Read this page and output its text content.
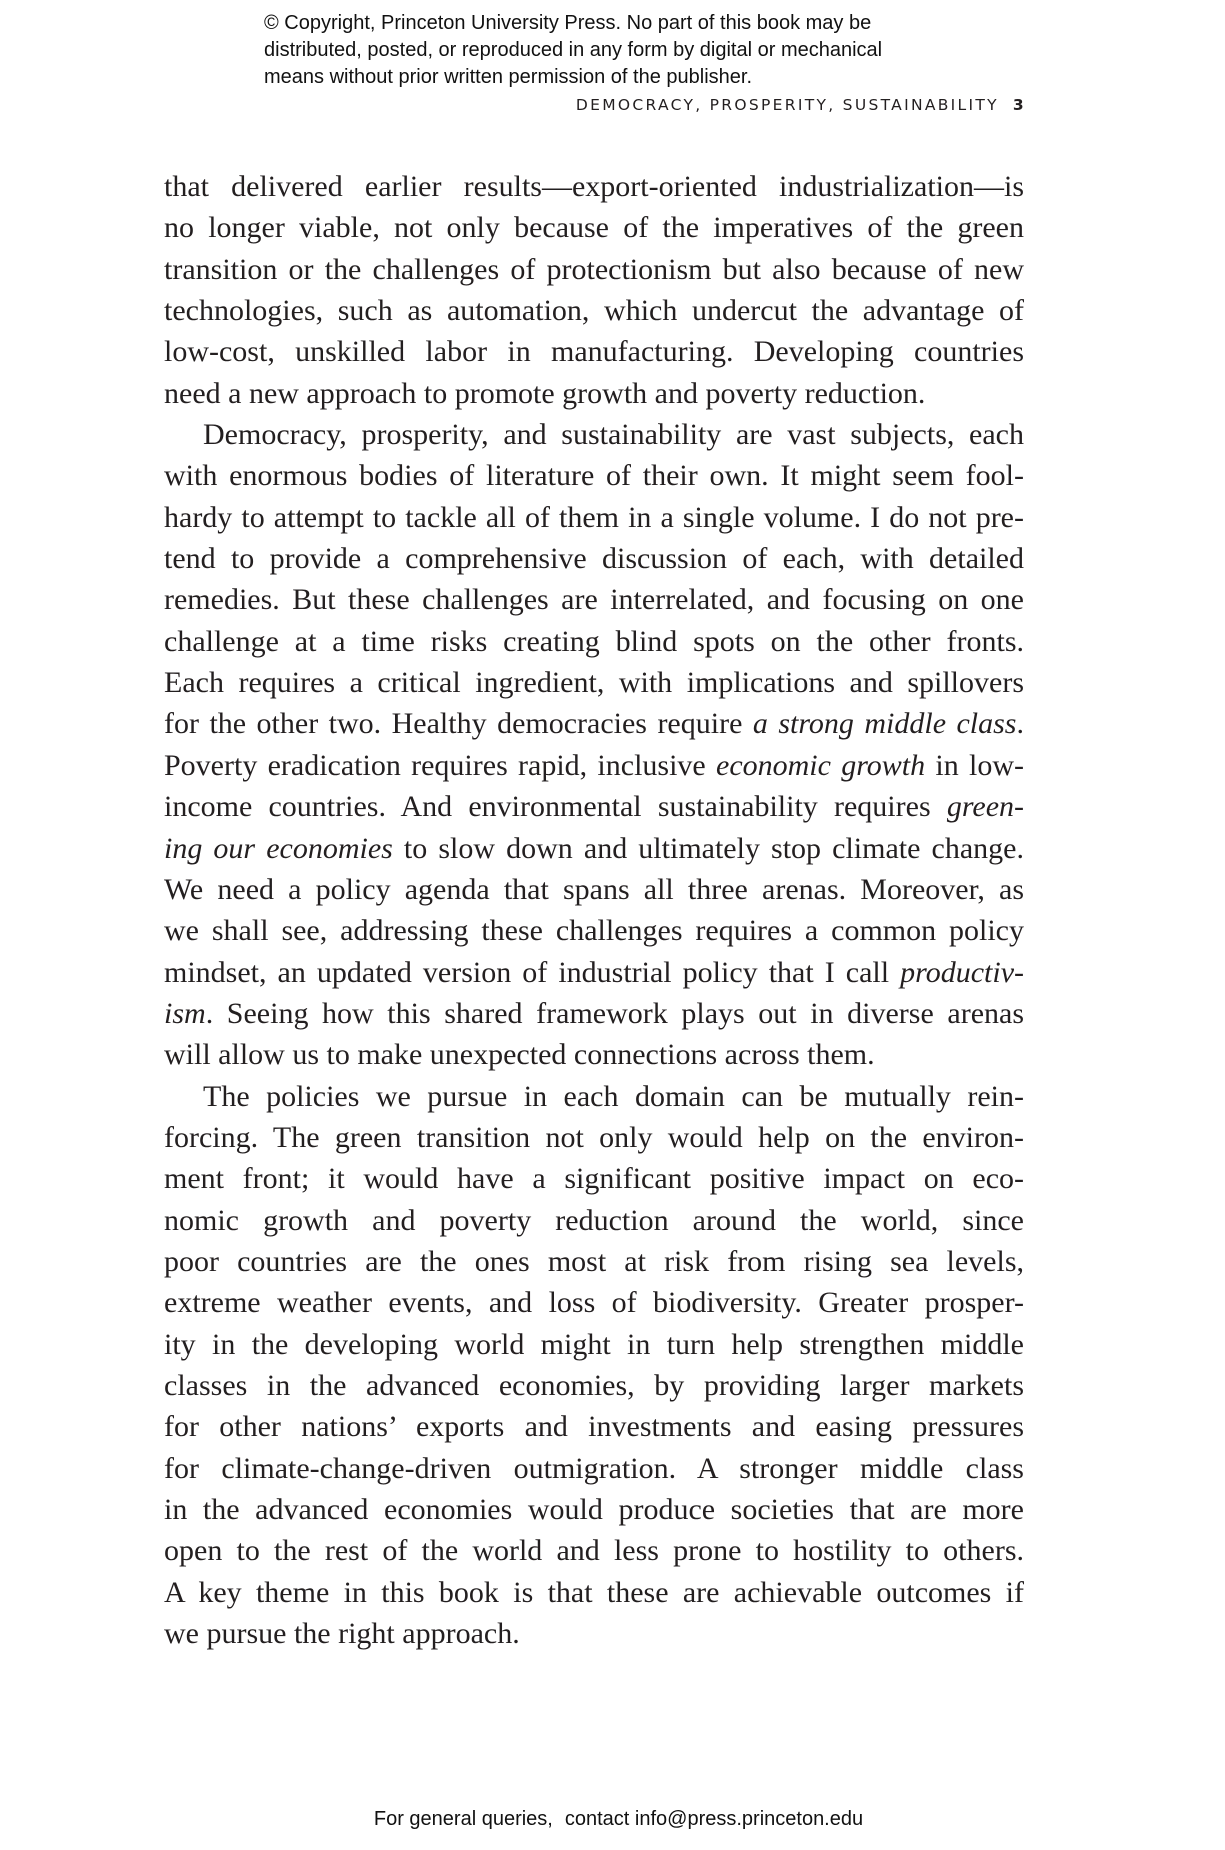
© Copyright, Princeton University Press. No part of this book may be
distributed, posted, or reproduced in any form by digital or mechanical
means without prior written permission of the publisher.
DEMOCRACY, PROSPERITY, SUSTAINABILITY 3

that delivered earlier results—export-oriented industrialization—is
no longer viable, not only because of the imperatives of the green
transition or the challenges of protectionism but also because of new
technologies, such as automation, which undercut the advantage of
low-cost, unskilled labor in manufacturing. Developing countries
need a new approach to promote growth and poverty reduction.

Democracy, prosperity, and sustainability are vast subjects, each
with enormous bodies of literature of their own. It might seem fool-
hardy to attempt to tackle all of them in a single volume. I do not pre-
tend to provide a comprehensive discussion of each, with detailed
remedies. But these challenges are interrelated, and focusing on one
challenge at a time risks creating blind spots on the other fronts.
Each requires a critical ingredient, with implications and spillovers
for the other two. Healthy democracies require a strong middle class.
Poverty eradication requires rapid, inclusive economic growth in low-
income countries. And environmental sustainability requires green-
ing our economies to slow down and ultimately stop climate change.
We need a policy agenda that spans all three arenas. Moreover, as
we shall see, addressing these challenges requires a common policy
mindset, an updated version of industrial policy that I call productiv-
ism. Seeing how this shared framework plays out in diverse arenas
will allow us to make unexpected connections across them.

The policies we pursue in each domain can be mutually rein-
forcing. The green transition not only would help on the environ-
ment front; it would have a significant positive impact on eco-
nomic growth and poverty reduction around the world, since
poor countries are the ones most at risk from rising sea levels,
extreme weather events, and loss of biodiversity. Greater prosper-
ity in the developing world might in turn help strengthen middle
classes in the advanced economies, by providing larger markets
for other nations’ exports and investments and easing pressures
for climate-change-driven outmigration. A stronger middle class
in the advanced economies would produce societies that are more
open to the rest of the world and less prone to hostility to others.
A key theme in this book is that these are achievable outcomes if
we pursue the right approach.

For general queries, contact info@press.princeton.edu
